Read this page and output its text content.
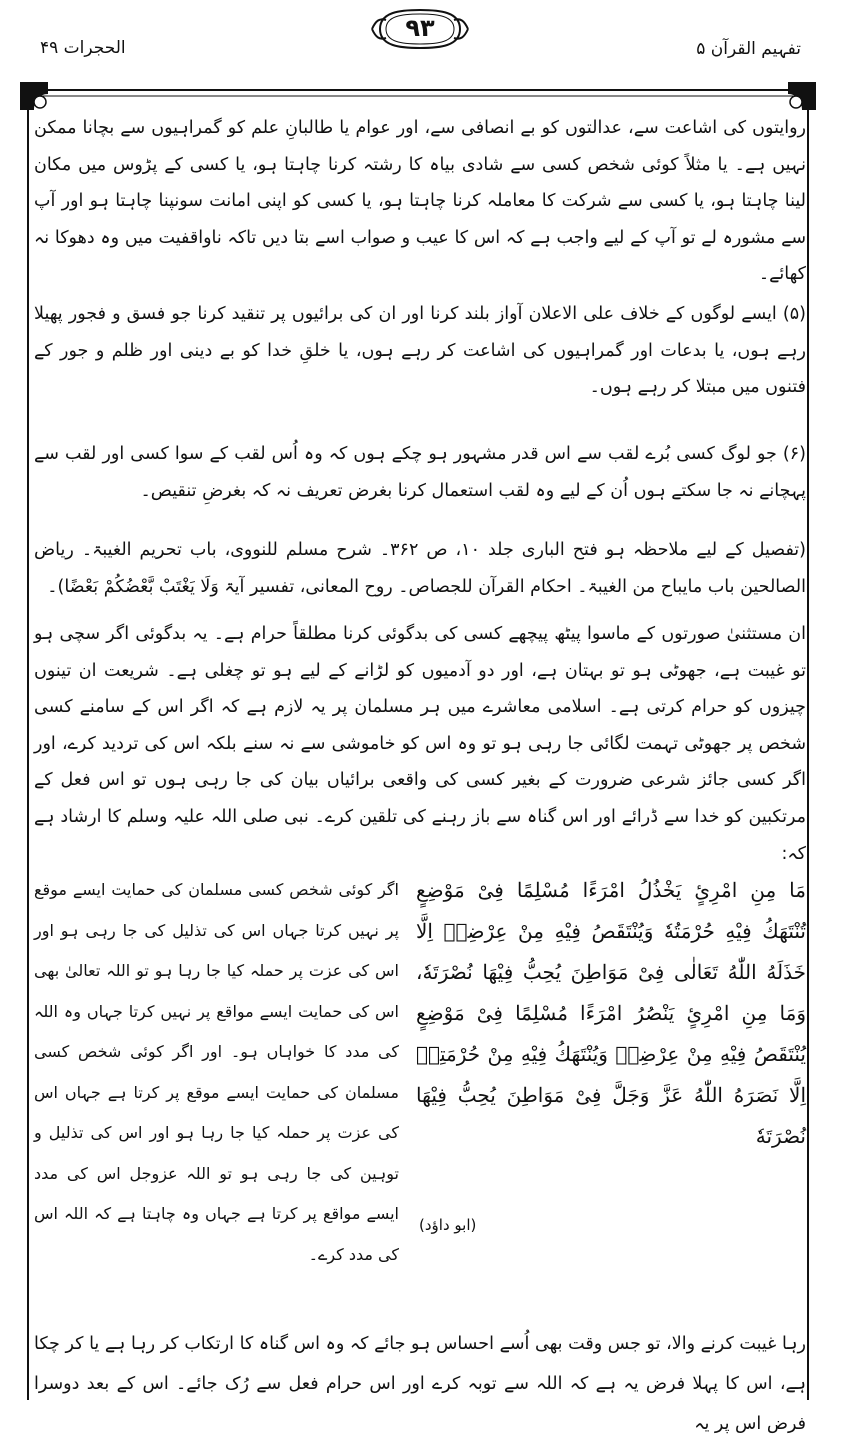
۹۳
الحجرات ۴۹	تفہیم القرآن ۵

روایتوں کی اشاعت سے، عدالتوں کو بے انصافی سے، اور عوام یا طالبانِ علم کو گمراہیوں سے بچانا ممکن نہیں ہے۔ یا مثلاً کوئی شخص کسی سے شادی بیاہ کا رشتہ کرنا چاہتا ہو، یا کسی کے پڑوس میں مکان لینا چاہتا ہو، یا کسی سے شرکت کا معاملہ کرنا چاہتا ہو، یا کسی کو اپنی امانت سونپنا چاہتا ہو اور آپ سے مشورہ لے تو آپ کے لیے واجب ہے کہ اس کا عیب و صواب اسے بتا دیں تاکہ ناواقفیت میں وہ دھوکا نہ کھائے۔

(۵) ایسے لوگوں کے خلاف علی الاعلان آواز بلند کرنا اور ان کی برائیوں پر تنقید کرنا جو فسق و فجور پھیلا رہے ہوں، یا بدعات اور گمراہیوں کی اشاعت کر رہے ہوں، یا خلقِ خدا کو بے دینی اور ظلم و جور کے فتنوں میں مبتلا کر رہے ہوں۔

(۶) جو لوگ کسی بُرے لقب سے اس قدر مشہور ہو چکے ہوں کہ وہ اُس لقب کے سوا کسی اور لقب سے پہچانے نہ جا سکتے ہوں اُن کے لیے وہ لقب استعمال کرنا بغرض تعریف نہ کہ بغرضِ تنقیص۔

(تفصیل کے لیے ملاحظہ ہو فتح الباری جلد ۱۰، ص ۳۶۲۔ شرح مسلم للنووی، باب تحریم الغیبۃ۔ ریاض الصالحین باب مایباح من الغیبۃ۔ احکام القرآن للجصاص۔ روح المعانی، تفسیر آیۃ وَلَا یَغْتَبْ بَّعْضُکُمْ بَعْضًا)۔

ان مستثنیٰ صورتوں کے ماسوا پیٹھ پیچھے کسی کی بدگوئی کرنا مطلقاً حرام ہے۔ یہ بدگوئی اگر سچی ہو تو غیبت ہے، جھوٹی ہو تو بہتان ہے، اور دو آدمیوں کو لڑانے کے لیے ہو تو چغلی ہے۔ شریعت ان تینوں چیزوں کو حرام کرتی ہے۔ اسلامی معاشرے میں ہر مسلمان پر یہ لازم ہے کہ اگر اس کے سامنے کسی شخص پر جھوٹی تہمت لگائی جا رہی ہو تو وہ اس کو خاموشی سے نہ سنے بلکہ اس کی تردید کرے، اور اگر کسی جائز شرعی ضرورت کے بغیر کسی کی واقعی برائیاں بیان کی جا رہی ہوں تو اس فعل کے مرتکبین کو خدا سے ڈرائے اور اس گناہ سے باز رہنے کی تلقین کرے۔ نبی صلی اللہ علیہ وسلم کا ارشاد ہے کہ:

مَا مِنِ امْرِئٍ یَخْذُلُ امْرَءًا مُسْلِمًا فِیْ مَوْضِعٍ تُنْتَهَكُ فِیْهِ حُرْمَتُهٗ وَیُنْتَقَصُ فِیْهِ مِنْ عِرْضِهٖ اِلَّا خَذَلَهُ اللّٰهُ تَعَالٰی فِیْ مَوَاطِنَ یُحِبُّ فِیْهَا نُصْرَتَهٗ، وَمَا مِنِ امْرِئٍ یَنْصُرُ امْرَءًا مُسْلِمًا فِیْ مَوْضِعٍ یُنْتَقَصُ فِیْهِ مِنْ عِرْضِهٖ وَیُنْتَهَكُ فِیْهِ مِنْ حُرْمَتِهٖ اِلَّا نَصَرَهُ اللّٰهُ عَزَّ وَجَلَّ فِیْ مَوَاطِنَ یُحِبُّ فِیْهَا نُصْرَتَهٗ
اگر کوئی شخص کسی مسلمان کی حمایت ایسے موقع پر نہیں کرتا جہاں اس کی تذلیل کی جا رہی ہو اور اس کی عزت پر حملہ کیا جا رہا ہو تو اللہ تعالیٰ بھی اس کی حمایت ایسے مواقع پر نہیں کرتا جہاں وہ اللہ کی مدد کا خواہاں ہو۔ اور اگر کوئی شخص کسی مسلمان کی حمایت ایسے موقع پر کرتا ہے جہاں اس کی عزت پر حملہ کیا جا رہا ہو اور اس کی تذلیل و توہین کی جا رہی ہو تو اللہ عزوجل اس کی مدد ایسے مواقع پر کرتا ہے جہاں وہ چاہتا ہے کہ اللہ اس کی مدد کرے۔
(ابو داؤد)

رہا غیبت کرنے والا، تو جس وقت بھی اُسے احساس ہو جائے کہ وہ اس گناہ کا ارتکاب کر رہا ہے یا کر چکا ہے، اس کا پہلا فرض یہ ہے کہ اللہ سے توبہ کرے اور اس حرام فعل سے رُک جائے۔ اس کے بعد دوسرا فرض اس پر یہ
